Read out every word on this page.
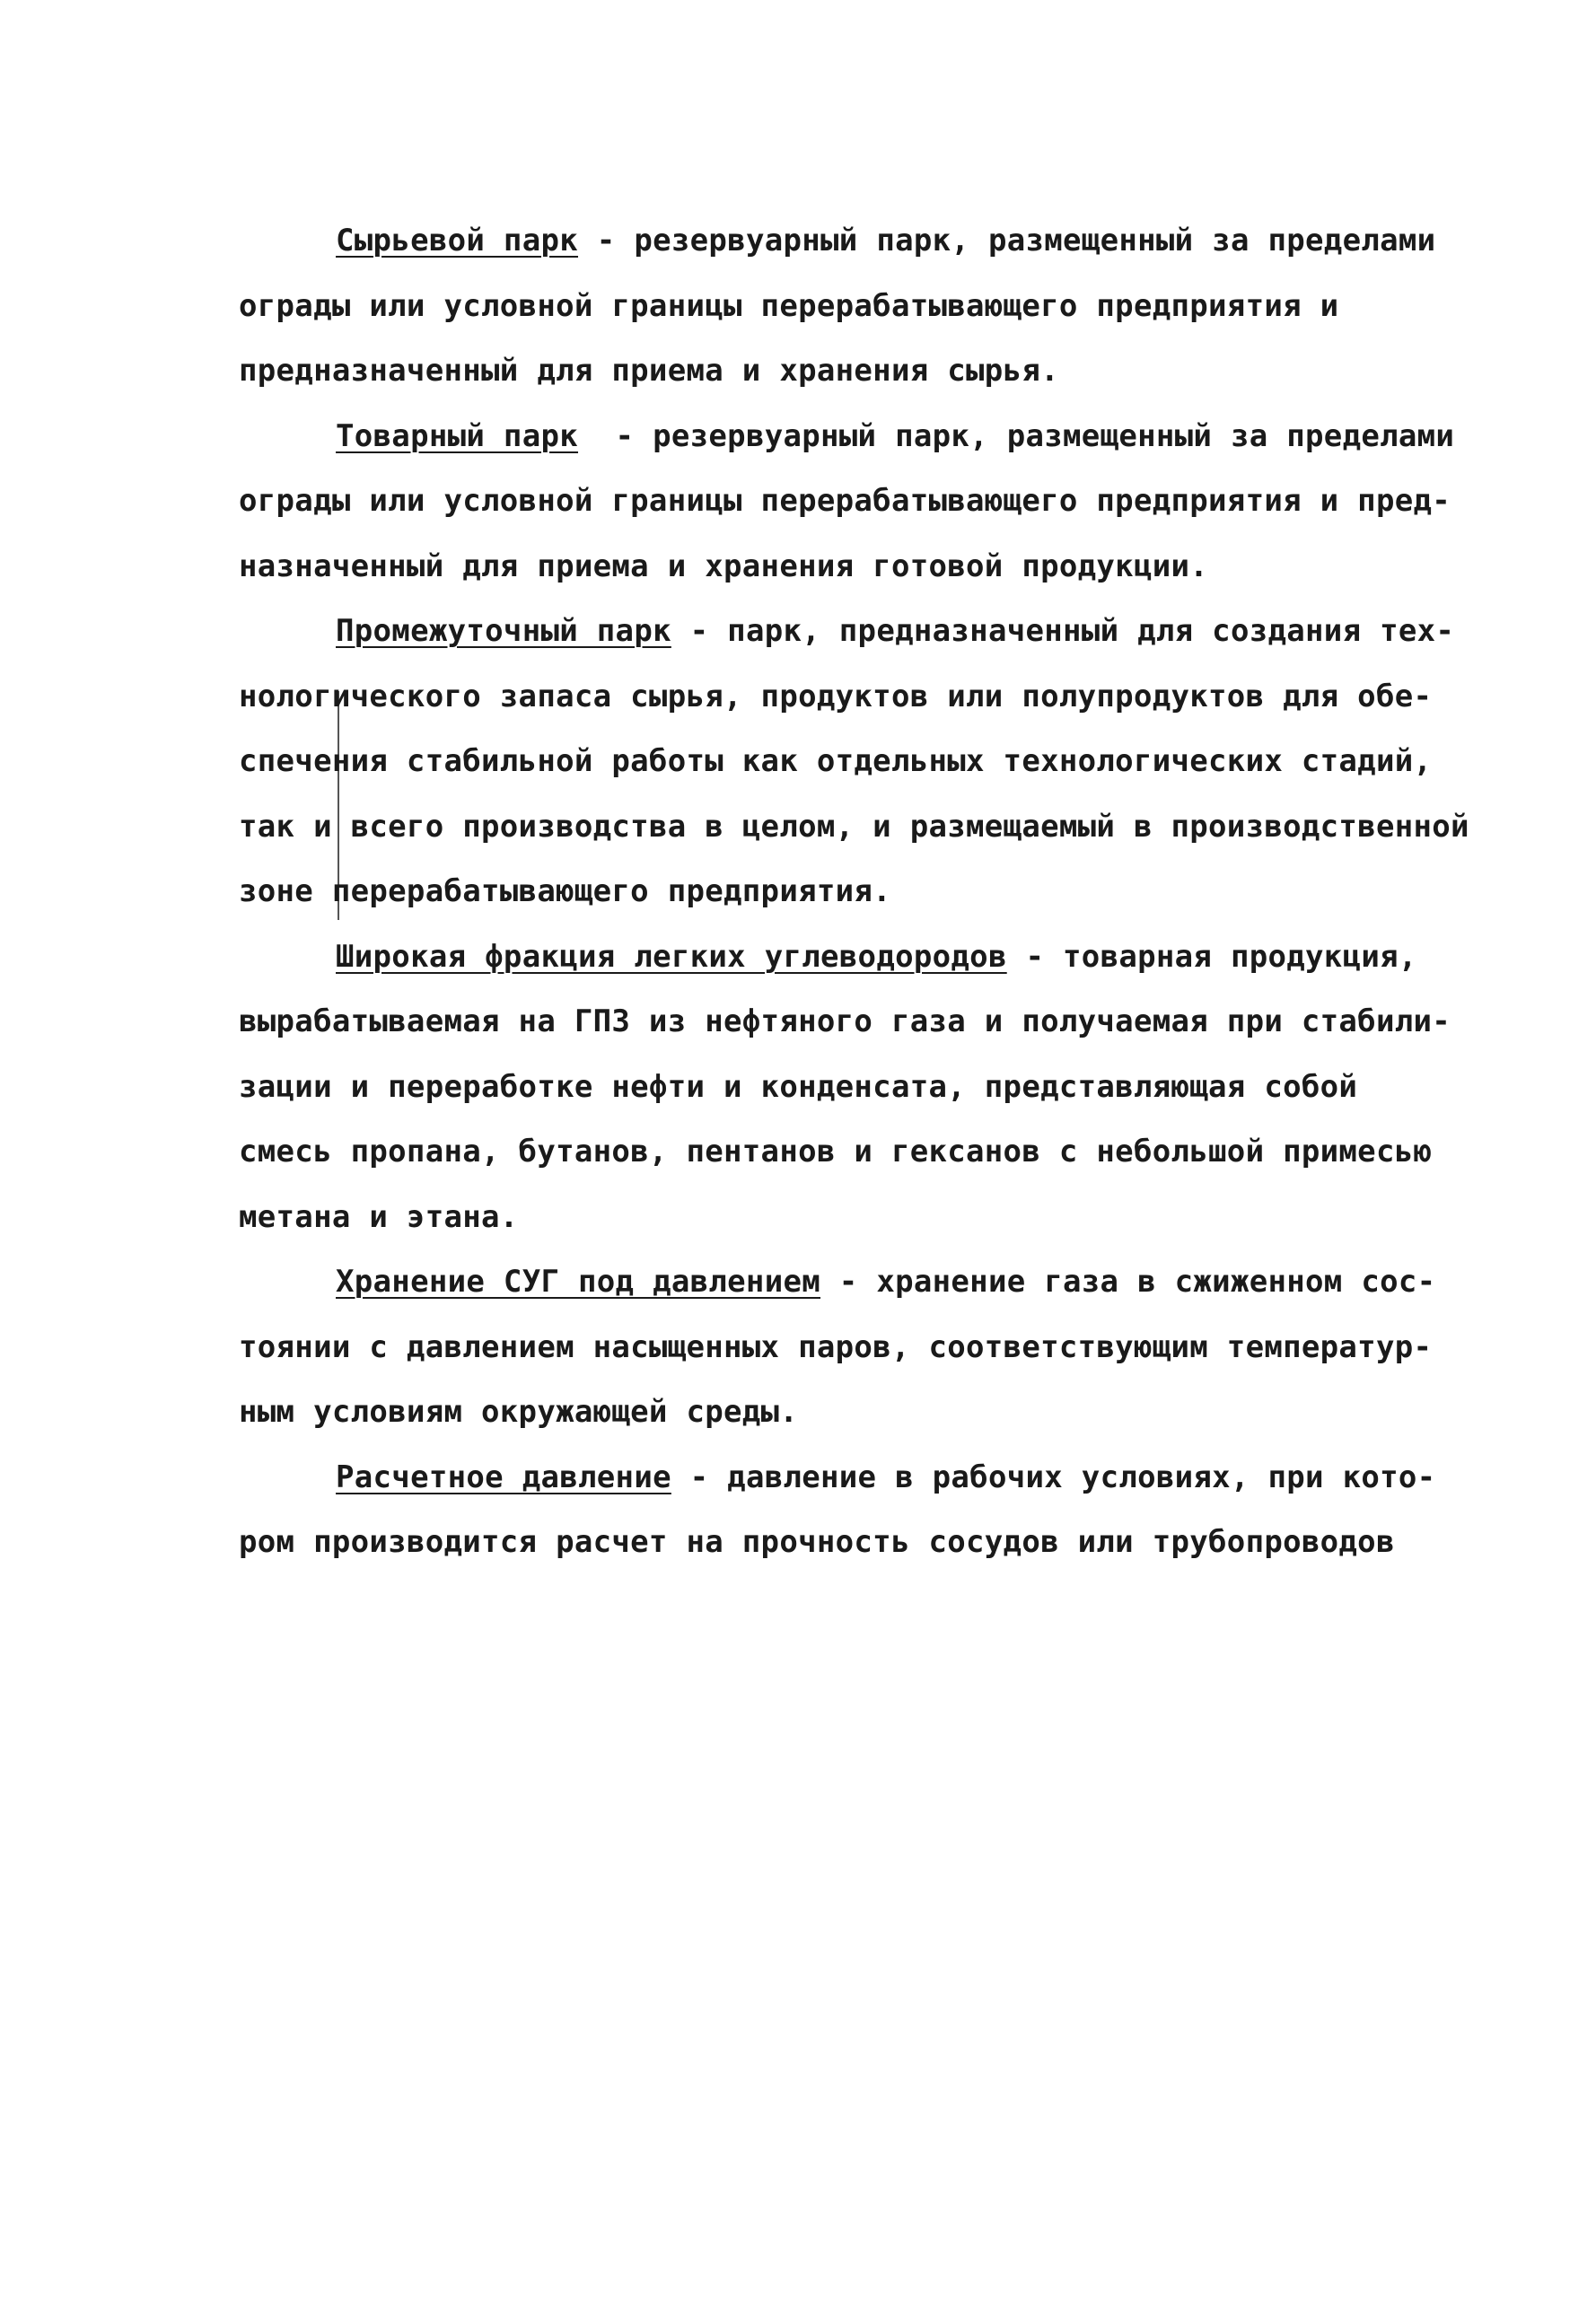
Сырьевой парк - резервуарный парк, размещенный за пределами
ограды или условной границы перерабатывающего предприятия и
предназначенный для приема и хранения сырья.
Товарный парк  - резервуарный парк, размещенный за пределами
ограды или условной границы перерабатывающего предприятия и пред-
назначенный для приема и хранения готовой продукции.
Промежуточный парк - парк, предназначенный для создания тех-
нологического запаса сырья, продуктов или полупродуктов для обе-
спечения стабильной работы как отдельных технологических стадий,
так и всего производства в целом, и размещаемый в производственной
зоне перерабатывающего предприятия.
Широкая фракция легких углеводородов - товарная продукция,
вырабатываемая на ГПЗ из нефтяного газа и получаемая при стабили-
зации и переработке нефти и конденсата, представляющая собой
смесь пропана, бутанов, пентанов и гексанов с небольшой примесью
метана и этана.
Хранение СУГ под давлением - хранение газа в сжиженном сос-
тоянии с давлением насыщенных паров, соответствующим температур-
ным условиям окружающей среды.
Расчетное давление - давление в рабочих условиях, при кото-
ром производится расчет на прочность сосудов или трубопроводов
